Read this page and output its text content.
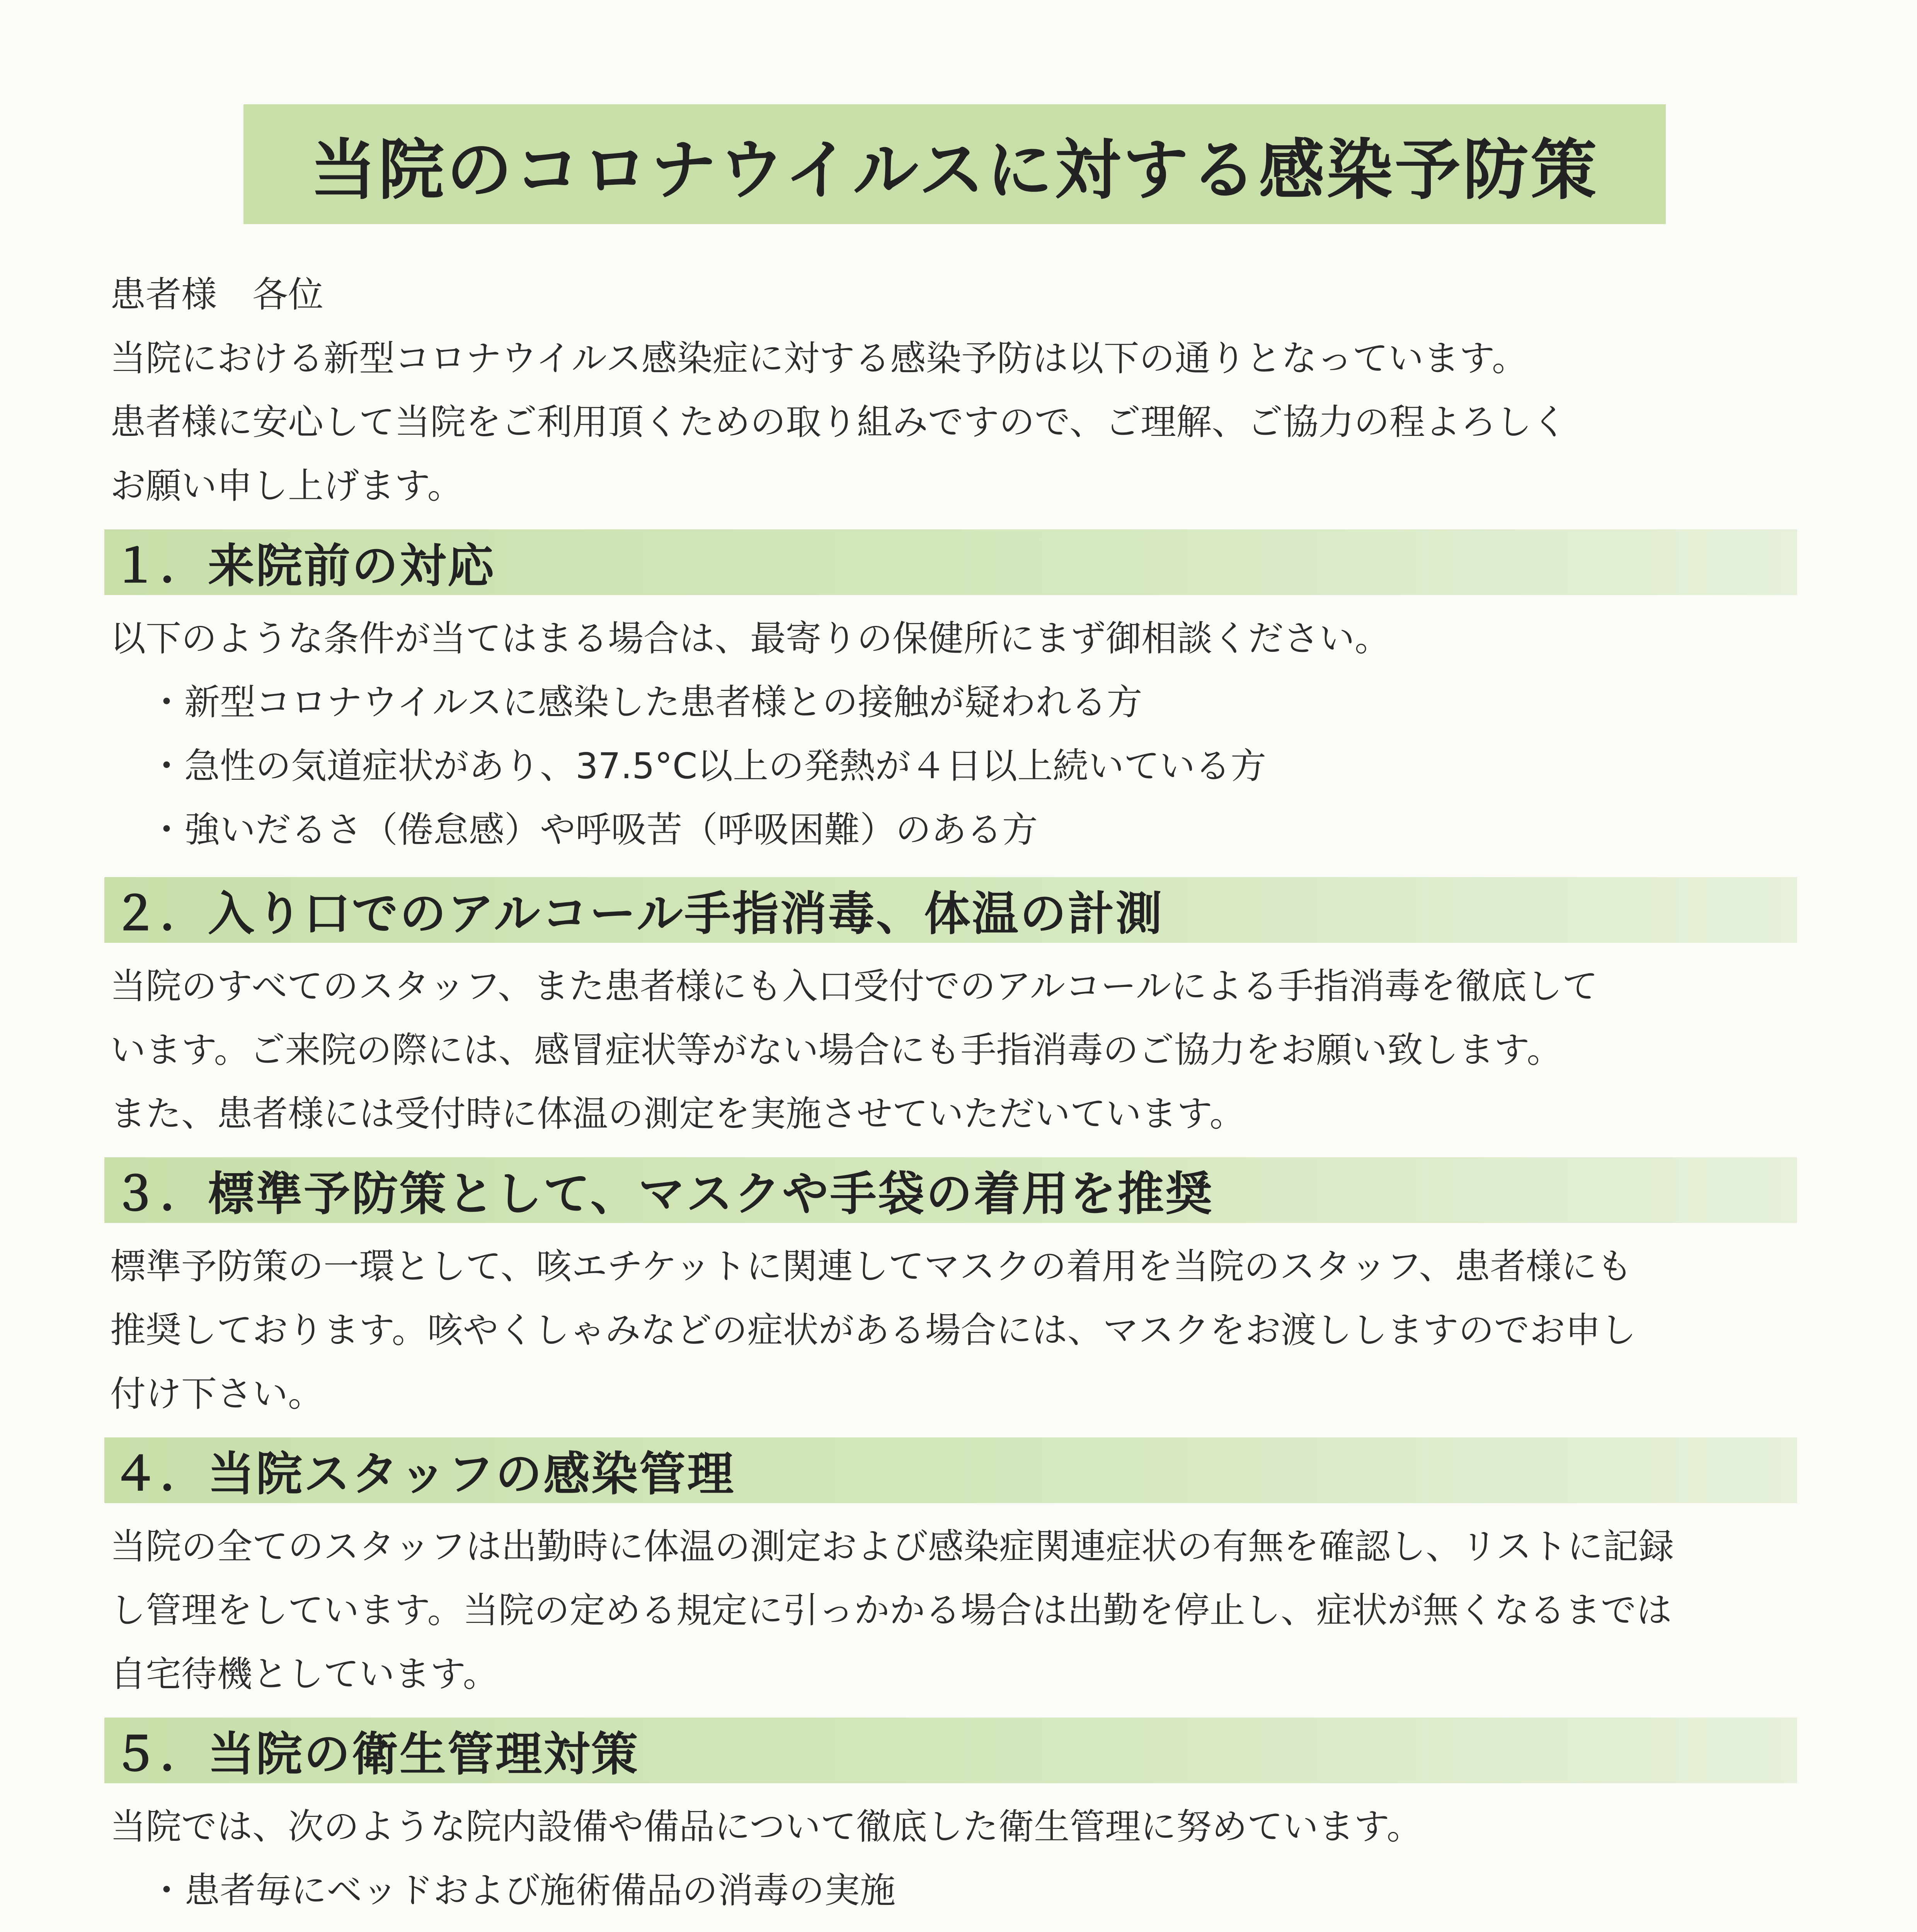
当院のコロナウイルスに対する感染予防策
患者様　各位
当院における新型コロナウイルス感染症に対する感染予防は以下の通りとなっています。
患者様に安心して当院をご利用頂くための取り組みですので、ご理解、ご協力の程よろしく
お願い申し上げます。
１．来院前の対応
以下のような条件が当てはまる場合は、最寄りの保健所にまず御相談ください。
・新型コロナウイルスに感染した患者様との接触が疑われる方
・急性の気道症状があり、37.5°C以上の発熱が４日以上続いている方
・強いだるさ（倦怠感）や呼吸苦（呼吸困難）のある方
２．入り口でのアルコール手指消毒、体温の計測
当院のすべてのスタッフ、また患者様にも入口受付でのアルコールによる手指消毒を徹底して
います。ご来院の際には、感冒症状等がない場合にも手指消毒のご協力をお願い致します。
また、患者様には受付時に体温の測定を実施させていただいています。
３．標準予防策として、マスクや手袋の着用を推奨
標準予防策の一環として、咳エチケットに関連してマスクの着用を当院のスタッフ、患者様にも
推奨しております。咳やくしゃみなどの症状がある場合には、マスクをお渡ししますのでお申し
付け下さい。
４．当院スタッフの感染管理
当院の全てのスタッフは出勤時に体温の測定および感染症関連症状の有無を確認し、リストに記録
し管理をしています。当院の定める規定に引っかかる場合は出勤を停止し、症状が無くなるまでは
自宅待機としています。
５．当院の衛生管理対策
当院では、次のような院内設備や備品について徹底した衛生管理に努めています。
・患者毎にベッドおよび施術備品の消毒の実施
